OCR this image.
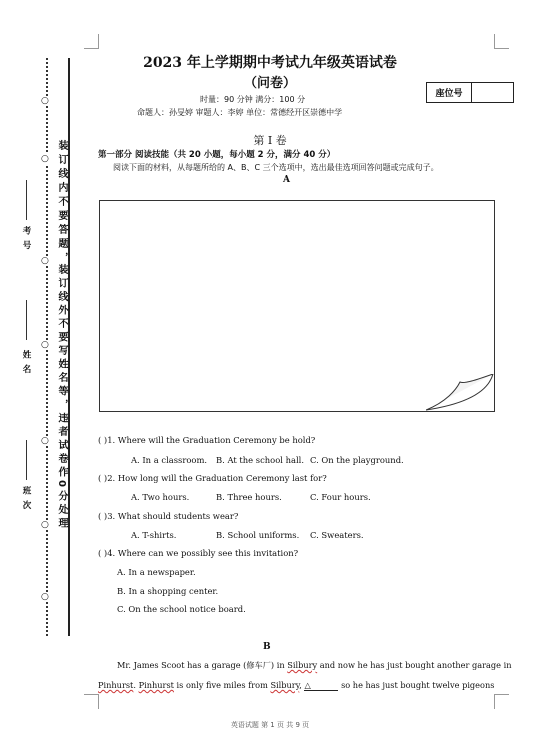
○
○
○
○
○
○
○
装订线内不要答题，
装订线外不要写姓名等，违者试卷作0分处理
考号
姓名
班次
2023 年上学期期中考试九年级英语试卷
（问卷）
时量：90 分钟 满分：100 分
命题人：孙旻婷 审题人：李婷 单位：常德经开区崇德中学
座位号
第 I 卷
第一部分 阅读技能（共 20 小题，每小题 2 分，满分 40 分）
阅读下面的材料，从每题所给的 A、B、C 三个选项中，选出最佳选项回答问题或完成句子。
A
( )1. Where will the Graduation Ceremony be hold?
A. In a classroom. B. At the school hall. C. On the playground.
( )2. How long will the Graduation Ceremony last for?
A. Two hours.	B. Three hours.	C. Four hours.
( )3. What should students wear?
A. T-shirts.	B. School uniforms. C. Sweaters.
( )4. Where can we possibly see this invitation?
A. In a newspaper.
B. In a shopping center.
C. On the school notice board.
B
Mr. James Scoot has a garage (修车厂) in Silbury and now he has just bought another garage in
Pinhurst. Pinhurst is only five miles from Silbury, △	so he has just bought twelve pigeons
英语试题 第 1 页 共 9 页
